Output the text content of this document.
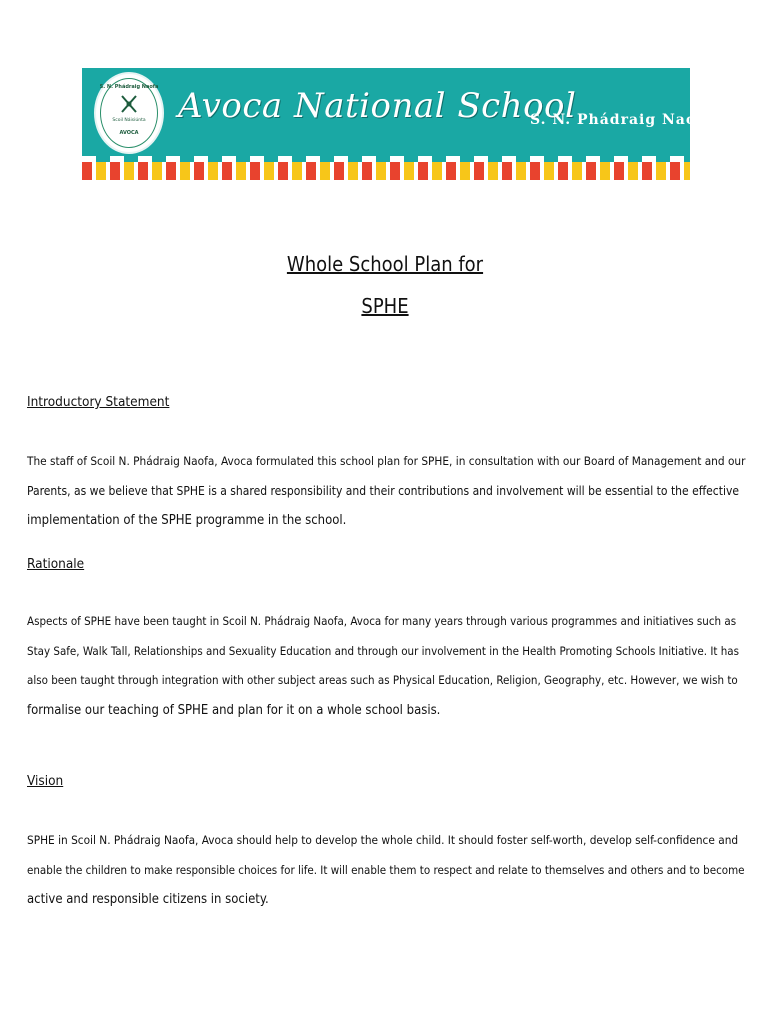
S. N. Phádraig Naofa
Scoil Náisiúnta
AVOCA
Avoca National School
S. N. Phádraig Naofa
Whole School Plan for
SPHE
Introductory Statement
The staff of Scoil N. Phádraig Naofa, Avoca formulated this school plan for SPHE, in consultation with our Board of Management and our
Parents, as we believe that SPHE is a shared responsibility and their contributions and involvement will be essential to the effective
implementation of the SPHE programme in the school.
Rationale
Aspects of SPHE have been taught in Scoil N. Phádraig Naofa, Avoca for many years through various programmes and initiatives such as
Stay Safe, Walk Tall, Relationships and Sexuality Education and through our involvement in the Health Promoting Schools Initiative. It has
also been taught through integration with other subject areas such as Physical Education, Religion, Geography, etc. However, we wish to
formalise our teaching of SPHE and plan for it on a whole school basis.
Vision
SPHE in Scoil N. Phádraig Naofa, Avoca should help to develop the whole child. It should foster self-worth, develop self-confidence and
enable the children to make responsible choices for life. It will enable them to respect and relate to themselves and others and to become
active and responsible citizens in society.
